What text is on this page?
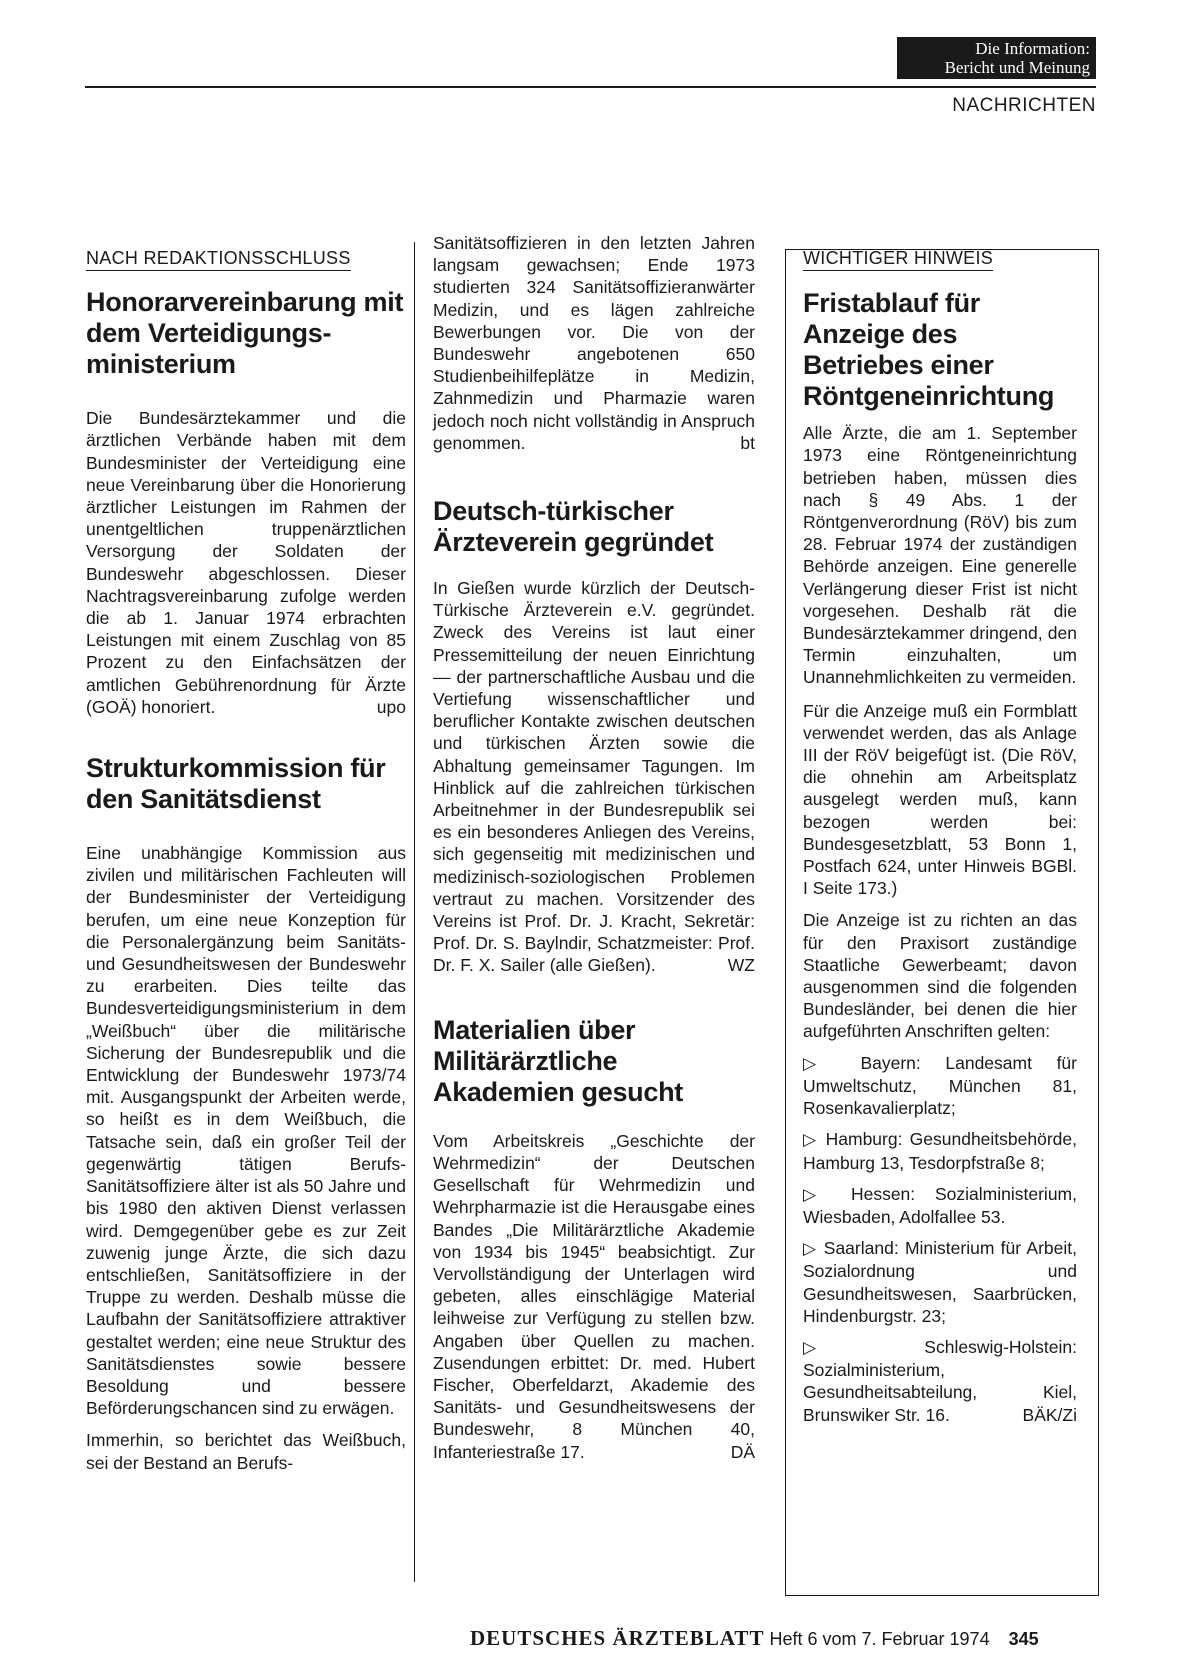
Die Information:
Bericht und Meinung
NACHRICHTEN
NACH REDAKTIONSSCHLUSS
Honorarvereinbarung mit dem Verteidigungsministerium

Die Bundesärztekammer und die ärztlichen Verbände haben mit dem Bundesminister der Verteidigung eine neue Vereinbarung über die Honorierung ärztlicher Leistungen im Rahmen der unentgeltlichen truppenärztlichen Versorgung der Soldaten der Bundeswehr abgeschlossen. Dieser Nachtragsvereinbarung zufolge werden die ab 1. Januar 1974 erbrachten Leistungen mit einem Zuschlag von 85 Prozent zu den Einfachsätzen der amtlichen Gebührenordnung für Ärzte (GOÄ) honoriert.	upo

Strukturkommission für den Sanitätsdienst

Eine unabhängige Kommission aus zivilen und militärischen Fachleuten will der Bundesminister der Verteidigung berufen, um eine neue Konzeption für die Personalergänzung beim Sanitäts- und Gesundheitswesen der Bundeswehr zu erarbeiten. Dies teilte das Bundesverteidigungsministerium in dem „Weißbuch“ über die militärische Sicherung der Bundesrepublik und die Entwicklung der Bundeswehr 1973/74 mit. Ausgangspunkt der Arbeiten werde, so heißt es in dem Weißbuch, die Tatsache sein, daß ein großer Teil der gegenwärtig tätigen Berufs-Sanitätsoffiziere älter ist als 50 Jahre und bis 1980 den aktiven Dienst verlassen wird. Demgegenüber gebe es zur Zeit zuwenig junge Ärzte, die sich dazu entschließen, Sanitätsoffiziere in der Truppe zu werden. Deshalb müsse die Laufbahn der Sanitätsoffiziere attraktiver gestaltet werden; eine neue Struktur des Sanitätsdienstes sowie bessere Besoldung und bessere Beförderungschancen sind zu erwägen.

Immerhin, so berichtet das Weißbuch, sei der Bestand an Berufs-

Sanitätsoffizieren in den letzten Jahren langsam gewachsen; Ende 1973 studierten 324 Sanitätsoffizieranwärter Medizin, und es lägen zahlreiche Bewerbungen vor. Die von der Bundeswehr angebotenen 650 Studienbeihilfeplätze in Medizin, Zahnmedizin und Pharmazie waren jedoch noch nicht vollständig in Anspruch genommen.	bt

Deutsch-türkischer Ärzteverein gegründet

In Gießen wurde kürzlich der Deutsch-Türkische Ärzteverein e.V. gegründet. Zweck des Vereins ist laut einer Pressemitteilung der neuen Einrichtung — der partnerschaftliche Ausbau und die Vertiefung wissenschaftlicher und beruflicher Kontakte zwischen deutschen und türkischen Ärzten sowie die Abhaltung gemeinsamer Tagungen. Im Hinblick auf die zahlreichen türkischen Arbeitnehmer in der Bundesrepublik sei es ein besonderes Anliegen des Vereins, sich gegenseitig mit medizinischen und medizinisch-soziologischen Problemen vertraut zu machen. Vorsitzender des Vereins ist Prof. Dr. J. Kracht, Sekretär: Prof. Dr. S. Baylndir, Schatzmeister: Prof. Dr. F. X. Sailer (alle Gießen).	WZ

Materialien über Militärärztliche Akademien gesucht

Vom Arbeitskreis „Geschichte der Wehrmedizin“ der Deutschen Gesellschaft für Wehrmedizin und Wehrpharmazie ist die Herausgabe eines Bandes „Die Militärärztliche Akademie von 1934 bis 1945“ beabsichtigt. Zur Vervollständigung der Unterlagen wird gebeten, alles einschlägige Material leihweise zur Verfügung zu stellen bzw. Angaben über Quellen zu machen. Zusendungen erbittet: Dr. med. Hubert Fischer, Oberfeldarzt, Akademie des Sanitäts- und Gesundheitswesens der Bundeswehr, 8 München 40, Infanteriestraße 17.	DÄ

WICHTIGER HINWEIS
Fristablauf für Anzeige des Betriebes einer Röntgeneinrichtung

Alle Ärzte, die am 1. September 1973 eine Röntgeneinrichtung betrieben haben, müssen dies nach § 49 Abs. 1 der Röntgenverordnung (RöV) bis zum 28. Februar 1974 der zuständigen Behörde anzeigen. Eine generelle Verlängerung dieser Frist ist nicht vorgesehen. Deshalb rät die Bundesärztekammer dringend, den Termin einzuhalten, um Unannehmlichkeiten zu vermeiden.

Für die Anzeige muß ein Formblatt verwendet werden, das als Anlage III der RöV beigefügt ist. (Die RöV, die ohnehin am Arbeitsplatz ausgelegt werden muß, kann bezogen werden bei: Bundesgesetzblatt, 53 Bonn 1, Postfach 624, unter Hinweis BGBl. I Seite 173.)

Die Anzeige ist zu richten an das für den Praxisort zuständige Staatliche Gewerbeamt; davon ausgenommen sind die folgenden Bundesländer, bei denen die hier aufgeführten Anschriften gelten:

▷ Bayern: Landesamt für Umweltschutz, München 81, Rosenkavalierplatz;

▷ Hamburg: Gesundheitsbehörde, Hamburg 13, Tesdorpfstraße 8;

▷ Hessen: Sozialministerium, Wiesbaden, Adolfallee 53.

▷ Saarland: Ministerium für Arbeit, Sozialordnung und Gesundheitswesen, Saarbrücken, Hindenburgstr. 23;

▷	Schleswig-Holstein: Sozialministerium, Gesundheitsabteilung, Kiel, Brunswiker Str. 16.	BÄK/Zi

DEUTSCHES ÄRZTEBLATT Heft 6 vom 7. Februar 1974 345
